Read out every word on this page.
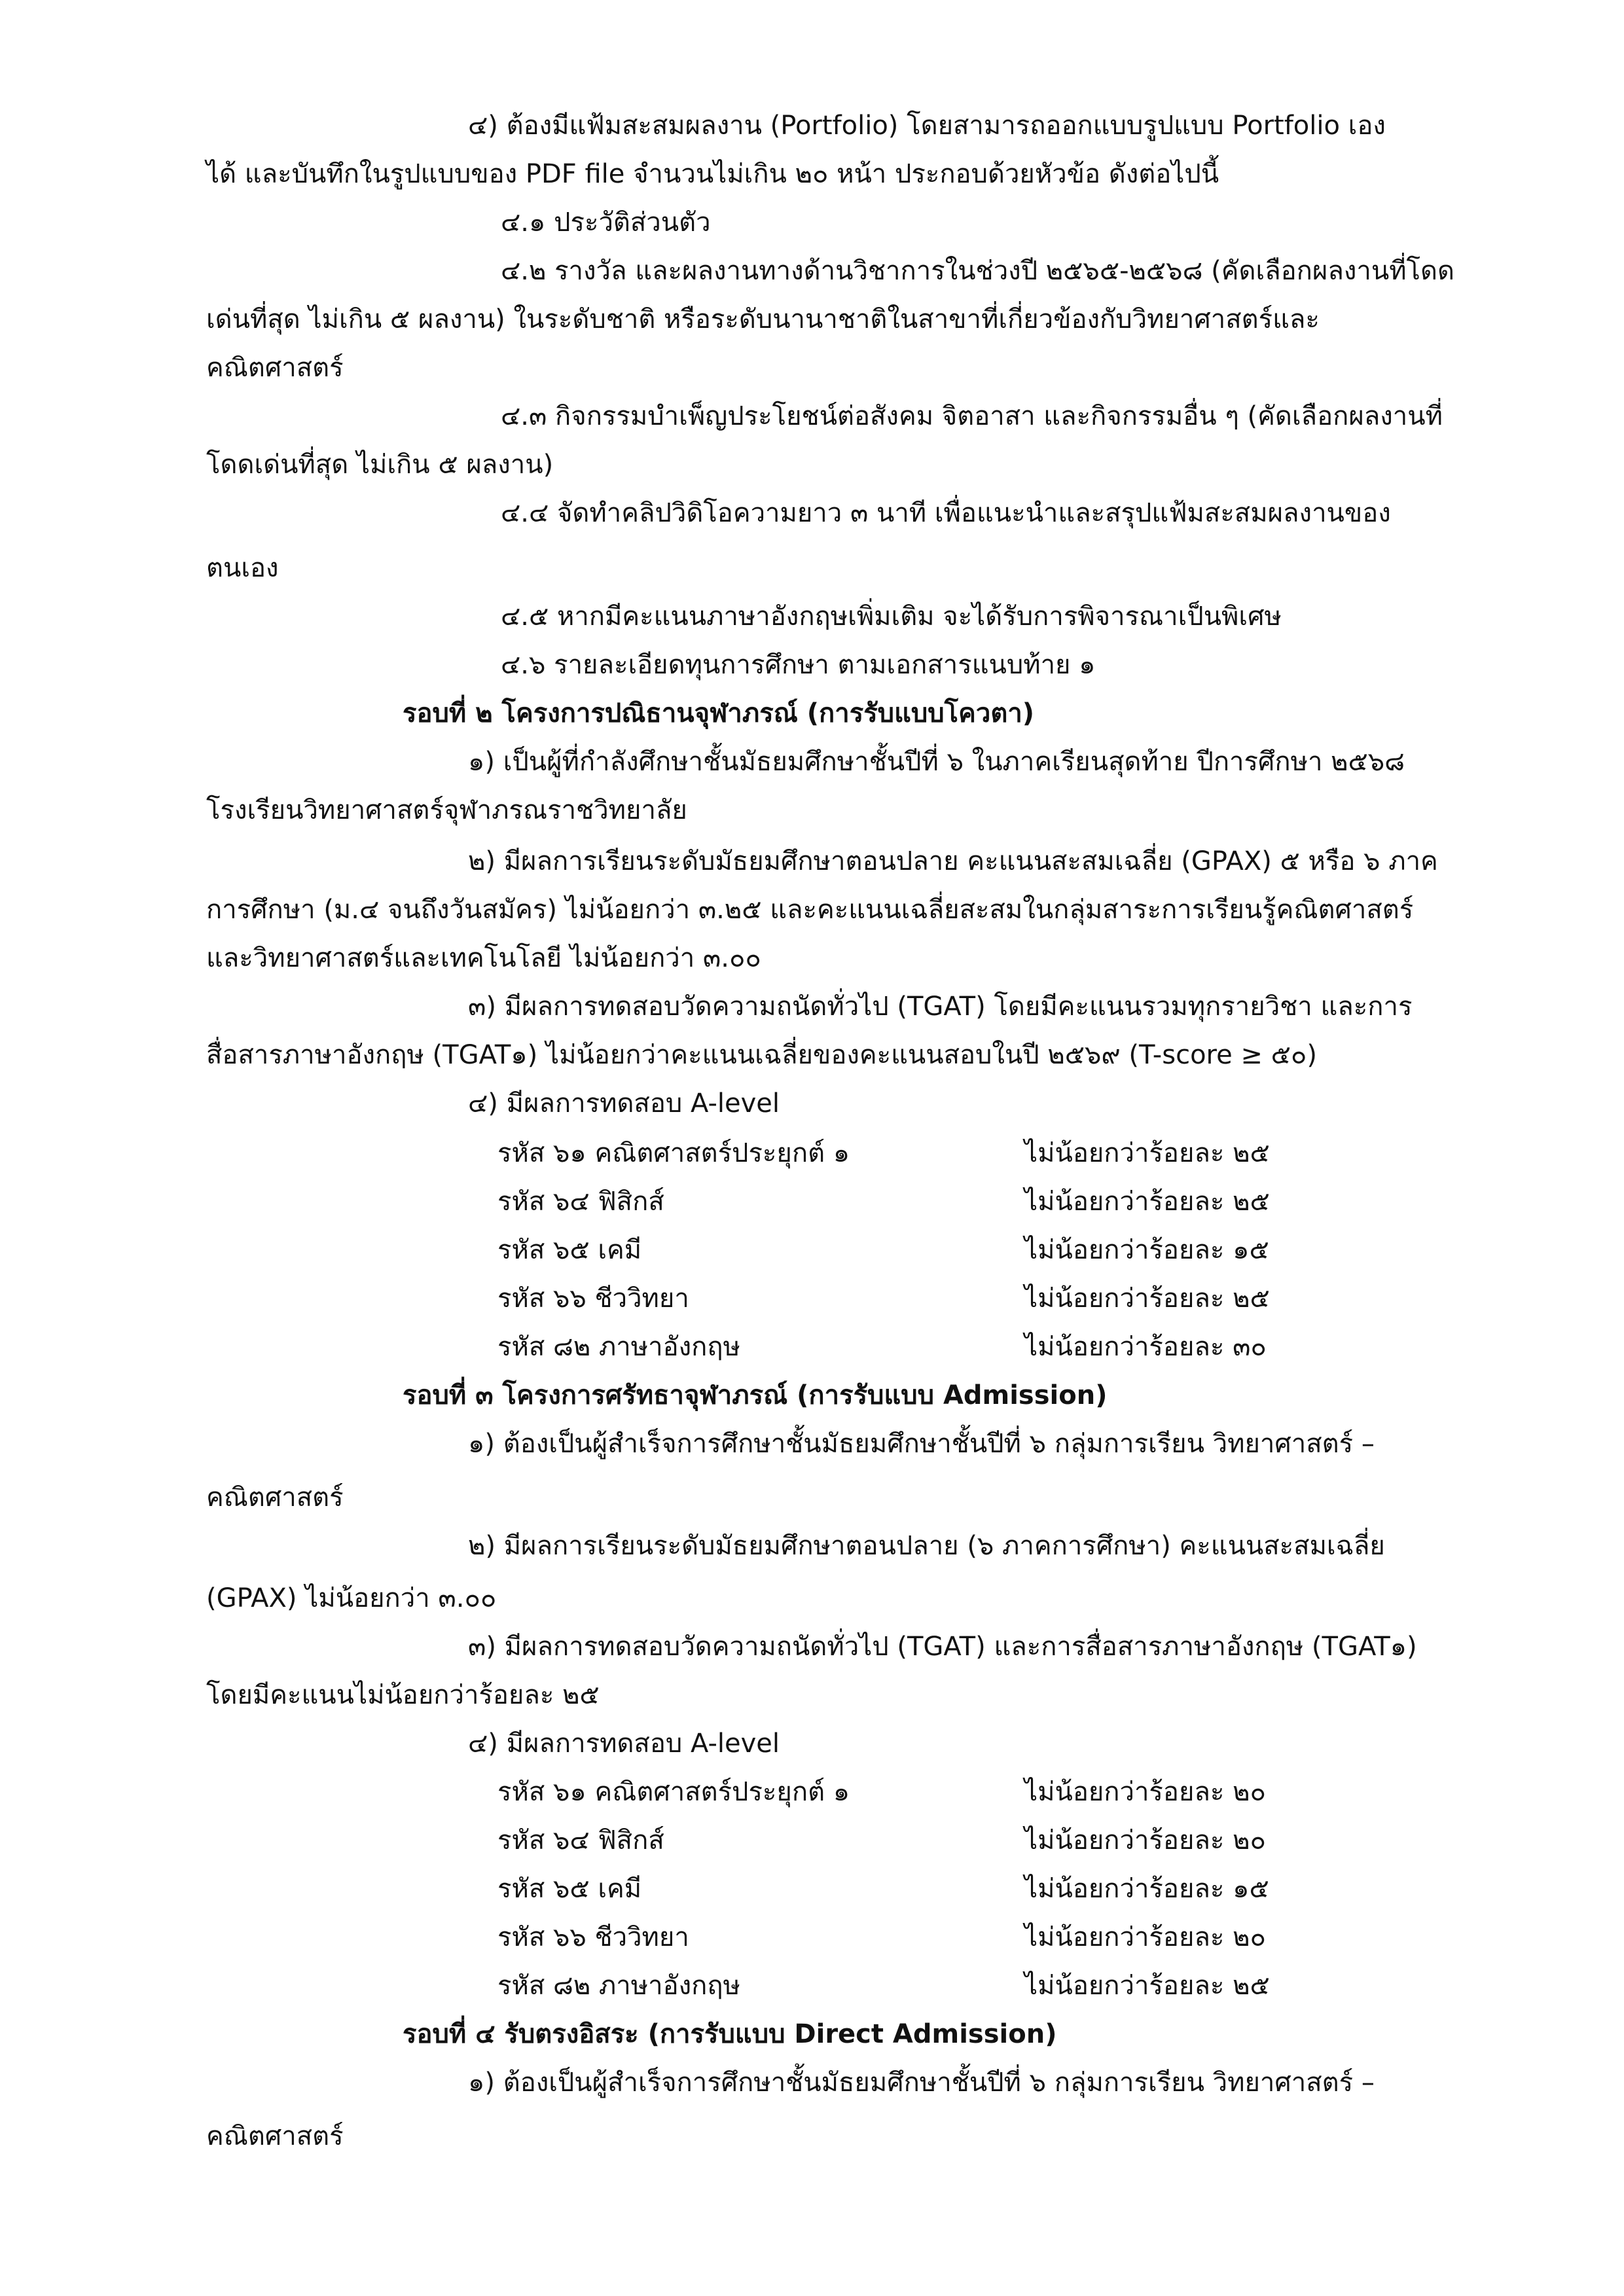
๔) ต้องมีแฟ้มสะสมผลงาน (Portfolio) โดยสามารถออกแบบรูปแบบ Portfolio เอง

ได้ และบันทึกในรูปแบบของ PDF file จำนวนไม่เกิน ๒๐ หน้า ประกอบด้วยหัวข้อ ดังต่อไปนี้

๔.๑ ประวัติส่วนตัว

๔.๒ รางวัล และผลงานทางด้านวิชาการในช่วงปี ๒๕๖๕-๒๕๖๘ (คัดเลือกผลงานที่โดด

เด่นที่สุด ไม่เกิน ๕ ผลงาน) ในระดับชาติ หรือระดับนานาชาติในสาขาที่เกี่ยวข้องกับวิทยาศาสตร์และ

คณิตศาสตร์

๔.๓ กิจกรรมบำเพ็ญประโยชน์ต่อสังคม จิตอาสา และกิจกรรมอื่น ๆ (คัดเลือกผลงานที่

โดดเด่นที่สุด ไม่เกิน ๕ ผลงาน)

๔.๔ จัดทำคลิปวิดิโอความยาว ๓ นาที เพื่อแนะนำและสรุปแฟ้มสะสมผลงานของ

ตนเอง

๔.๕ หากมีคะแนนภาษาอังกฤษเพิ่มเติม จะได้รับการพิจารณาเป็นพิเศษ

๔.๖ รายละเอียดทุนการศึกษา ตามเอกสารแนบท้าย ๑

รอบที่ ๒ โครงการปณิธานจุฬาภรณ์ (การรับแบบโควตา)

๑) เป็นผู้ที่กำลังศึกษาชั้นมัธยมศึกษาชั้นปีที่ ๖ ในภาคเรียนสุดท้าย ปีการศึกษา ๒๕๖๘

โรงเรียนวิทยาศาสตร์จุฬาภรณราชวิทยาลัย

๒) มีผลการเรียนระดับมัธยมศึกษาตอนปลาย คะแนนสะสมเฉลี่ย (GPAX) ๕ หรือ ๖ ภาค

การศึกษา (ม.๔ จนถึงวันสมัคร) ไม่น้อยกว่า ๓.๒๕ และคะแนนเฉลี่ยสะสมในกลุ่มสาระการเรียนรู้คณิตศาสตร์

และวิทยาศาสตร์และเทคโนโลยี ไม่น้อยกว่า ๓.๐๐

๓) มีผลการทดสอบวัดความถนัดทั่วไป (TGAT) โดยมีคะแนนรวมทุกรายวิชา และการ

สื่อสารภาษาอังกฤษ (TGAT๑) ไม่น้อยกว่าคะแนนเฉลี่ยของคะแนนสอบในปี ๒๕๖๙ (T-score ≥ ๕๐)

๔) มีผลการทดสอบ A-level

รหัส ๖๑ คณิตศาสตร์ประยุกต์ ๑	ไม่น้อยกว่าร้อยละ ๒๕

รหัส ๖๔ ฟิสิกส์	ไม่น้อยกว่าร้อยละ ๒๕

รหัส ๖๕ เคมี	ไม่น้อยกว่าร้อยละ ๑๕

รหัส ๖๖ ชีววิทยา	ไม่น้อยกว่าร้อยละ ๒๕

รหัส ๘๒ ภาษาอังกฤษ	ไม่น้อยกว่าร้อยละ ๓๐

รอบที่ ๓ โครงการศรัทธาจุฬาภรณ์ (การรับแบบ Admission)

๑) ต้องเป็นผู้สำเร็จการศึกษาชั้นมัธยมศึกษาชั้นปีที่ ๖ กลุ่มการเรียน วิทยาศาสตร์ –

คณิตศาสตร์

๒) มีผลการเรียนระดับมัธยมศึกษาตอนปลาย (๖ ภาคการศึกษา) คะแนนสะสมเฉลี่ย

(GPAX) ไม่น้อยกว่า ๓.๐๐

๓) มีผลการทดสอบวัดความถนัดทั่วไป (TGAT) และการสื่อสารภาษาอังกฤษ (TGAT๑)

โดยมีคะแนนไม่น้อยกว่าร้อยละ ๒๕

๔) มีผลการทดสอบ A-level

รหัส ๖๑ คณิตศาสตร์ประยุกต์ ๑	ไม่น้อยกว่าร้อยละ ๒๐

รหัส ๖๔ ฟิสิกส์	ไม่น้อยกว่าร้อยละ ๒๐

รหัส ๖๕ เคมี	ไม่น้อยกว่าร้อยละ ๑๕

รหัส ๖๖ ชีววิทยา	ไม่น้อยกว่าร้อยละ ๒๐

รหัส ๘๒ ภาษาอังกฤษ	ไม่น้อยกว่าร้อยละ ๒๕

รอบที่ ๔ รับตรงอิสระ (การรับแบบ Direct Admission)

๑) ต้องเป็นผู้สำเร็จการศึกษาชั้นมัธยมศึกษาชั้นปีที่ ๖ กลุ่มการเรียน วิทยาศาสตร์ –

คณิตศาสตร์
